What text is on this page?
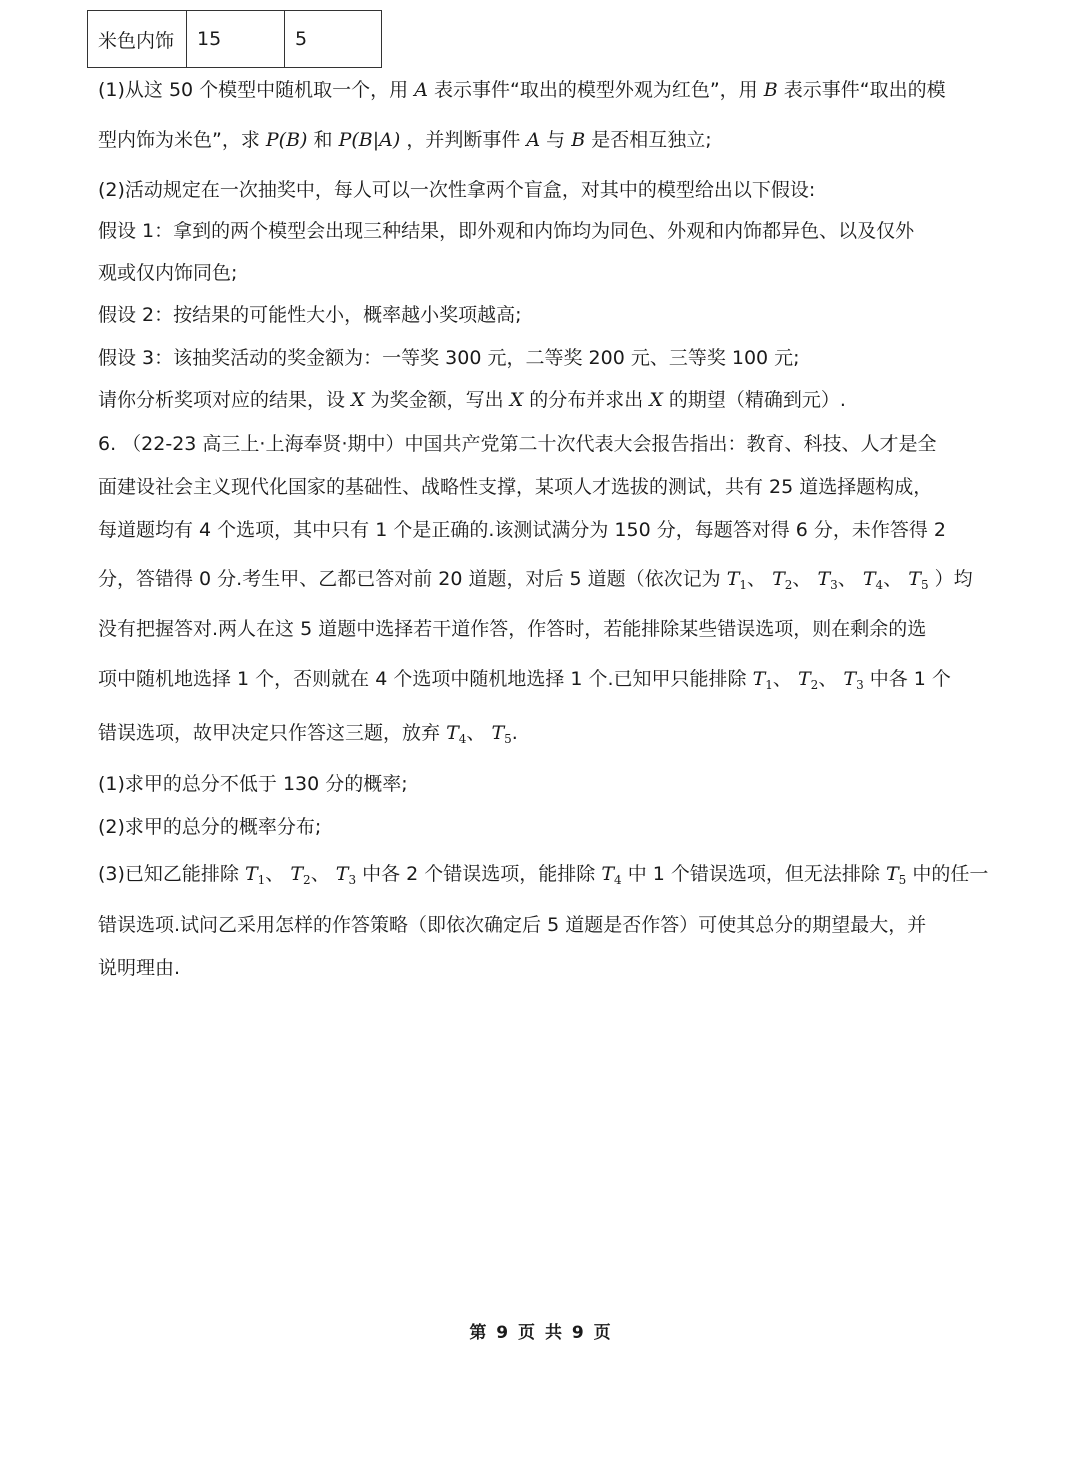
米色内饰	15	5
(1)从这 50 个模型中随机取一个，用 A 表示事件“取出的模型外观为红色”，用 B 表示事件“取出的模
型内饰为米色”，求 P(B) 和 P(B|A) ，并判断事件 A 与 B 是否相互独立;
(2)活动规定在一次抽奖中，每人可以一次性拿两个盲盒，对其中的模型给出以下假设:
假设 1：拿到的两个模型会出现三种结果，即外观和内饰均为同色、外观和内饰都异色、以及仅外
观或仅内饰同色;
假设 2：按结果的可能性大小，概率越小奖项越高;
假设 3：该抽奖活动的奖金额为：一等奖 300 元，二等奖 200 元、三等奖 100 元;
请你分析奖项对应的结果，设 X 为奖金额，写出 X 的分布并求出 X 的期望（精确到元）.
6. （22-23 高三上·上海奉贤·期中）中国共产党第二十次代表大会报告指出：教育、科技、人才是全
面建设社会主义现代化国家的基础性、战略性支撑，某项人才选拔的测试，共有 25 道选择题构成，
每道题均有 4 个选项，其中只有 1 个是正确的.该测试满分为 150 分，每题答对得 6 分，未作答得 2
分，答错得 0 分.考生甲、乙都已答对前 20 道题，对后 5 道题（依次记为 $T_1$、 $T_2$、 $T_3$、 $T_4$、 $T_5$ ）均
没有把握答对.两人在这 5 道题中选择若干道作答，作答时，若能排除某些错误选项，则在剩余的选
项中随机地选择 1 个，否则就在 4 个选项中随机地选择 1 个.已知甲只能排除 $T_1$、 $T_2$、 $T_3$ 中各 1 个
错误选项，故甲决定只作答这三题，放弃 $T_4$、 $T_5$.
(1)求甲的总分不低于 130 分的概率;
(2)求甲的总分的概率分布;
(3)已知乙能排除 $T_1$、 $T_2$、 $T_3$ 中各 2 个错误选项，能排除 $T_4$ 中 1 个错误选项，但无法排除 $T_5$ 中的任一
错误选项.试问乙采用怎样的作答策略（即依次确定后 5 道题是否作答）可使其总分的期望最大，并
说明理由.
第 9 页 共 9 页
